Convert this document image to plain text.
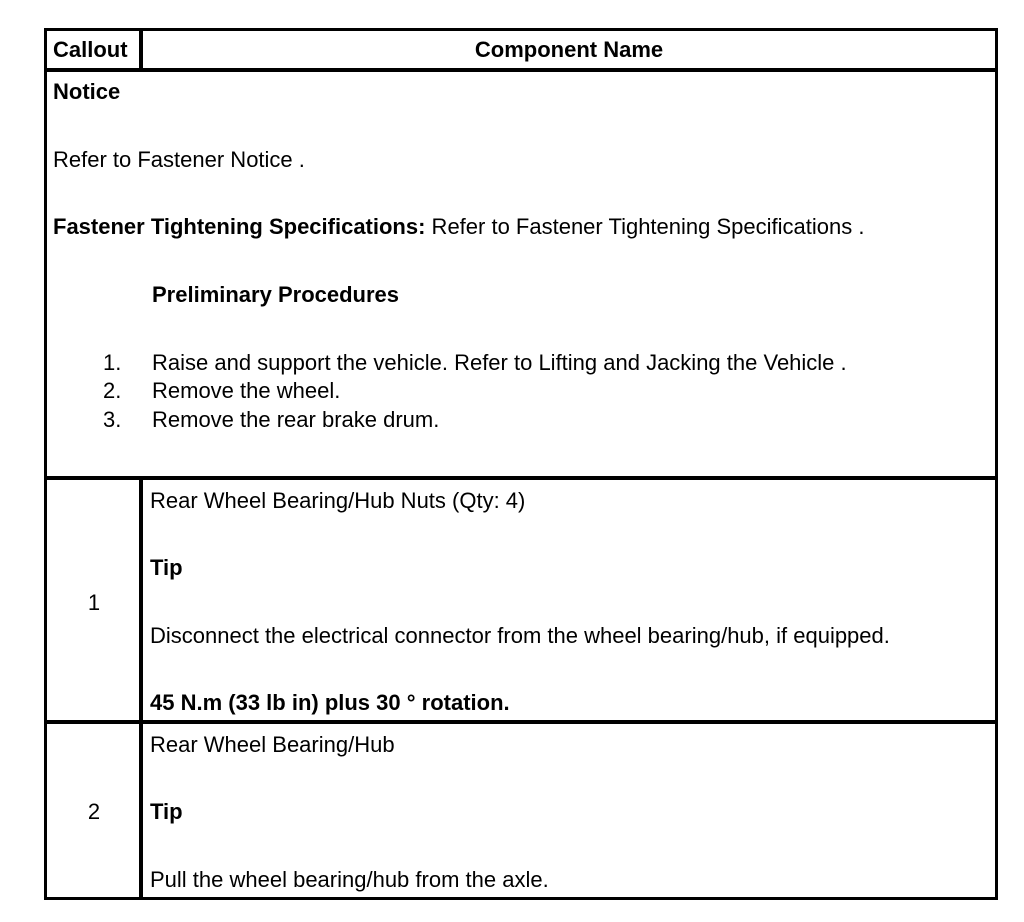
Callout	Component Name
Notice
Refer to Fastener Notice .
Fastener Tightening Specifications: Refer to Fastener Tightening Specifications .
Preliminary Procedures
1. Raise and support the vehicle. Refer to Lifting and Jacking the Vehicle .
2. Remove the wheel.
3. Remove the rear brake drum.
1
Rear Wheel Bearing/Hub Nuts (Qty: 4)
Tip
Disconnect the electrical connector from the wheel bearing/hub, if equipped.
45 N.m (33 lb in) plus 30 ° rotation.
2
Rear Wheel Bearing/Hub
Tip
Pull the wheel bearing/hub from the axle.
